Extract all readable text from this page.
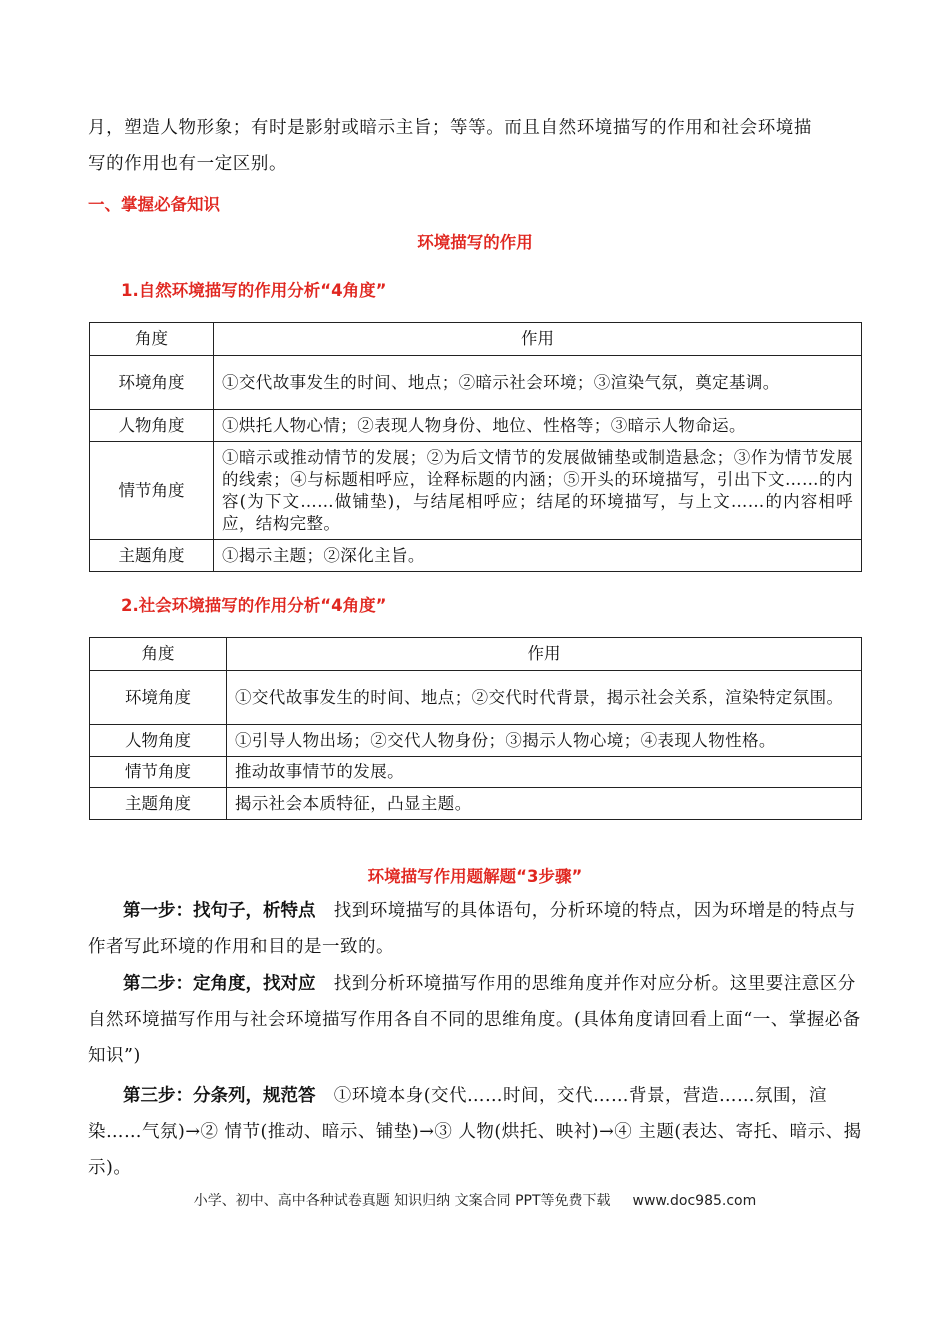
月，塑造人物形象；有时是影射或暗示主旨；等等。而且自然环境描写的作用和社会环境描
写的作用也有一定区别。
一、掌握必备知识
环境描写的作用
1.自然环境描写的作用分析“4角度”
角度	作用
环境角度	①交代故事发生的时间、地点；②暗示社会环境；③渲染气氛，奠定基调。
人物角度	①烘托人物心情；②表现人物身份、地位、性格等；③暗示人物命运。
情节角度	①暗示或推动情节的发展；②为后文情节的发展做铺垫或制造悬念；③作为情节发展的线索；④与标题相呼应，诠释标题的内涵；⑤开头的环境描写，引出下文……的内容(为下文……做铺垫)，与结尾相呼应；结尾的环境描写，与上文……的内容相呼应，结构完整。
主题角度	①揭示主题；②深化主旨。
2.社会环境描写的作用分析“4角度”
角度	作用
环境角度	①交代故事发生的时间、地点；②交代时代背景，揭示社会关系，渲染特定氛围。
人物角度	①引导人物出场；②交代人物身份；③揭示人物心境；④表现人物性格。
情节角度	推动故事情节的发展。
主题角度	揭示社会本质特征，凸显主题。
环境描写作用题解题“3步骤”
第一步：找句子，析特点 找到环境描写的具体语句，分析环境的特点，因为环增是的特点与作者写此环境的作用和目的是一致的。
第二步：定角度，找对应 找到分析环境描写作用的思维角度并作对应分析。这里要注意区分自然环境描写作用与社会环境描写作用各自不同的思维角度。(具体角度请回看上面“一、掌握必备知识”)
第三步：分条列，规范答 ①环境本身(交代……时间，交代……背景，营造……氛围，渲染……气氛)→② 情节(推动、暗示、铺垫)→③ 人物(烘托、映衬)→④ 主题(表达、寄托、暗示、揭示)。
小学、初中、高中各种试卷真题 知识归纳 文案合同 PPT等免费下载 www.doc985.com
